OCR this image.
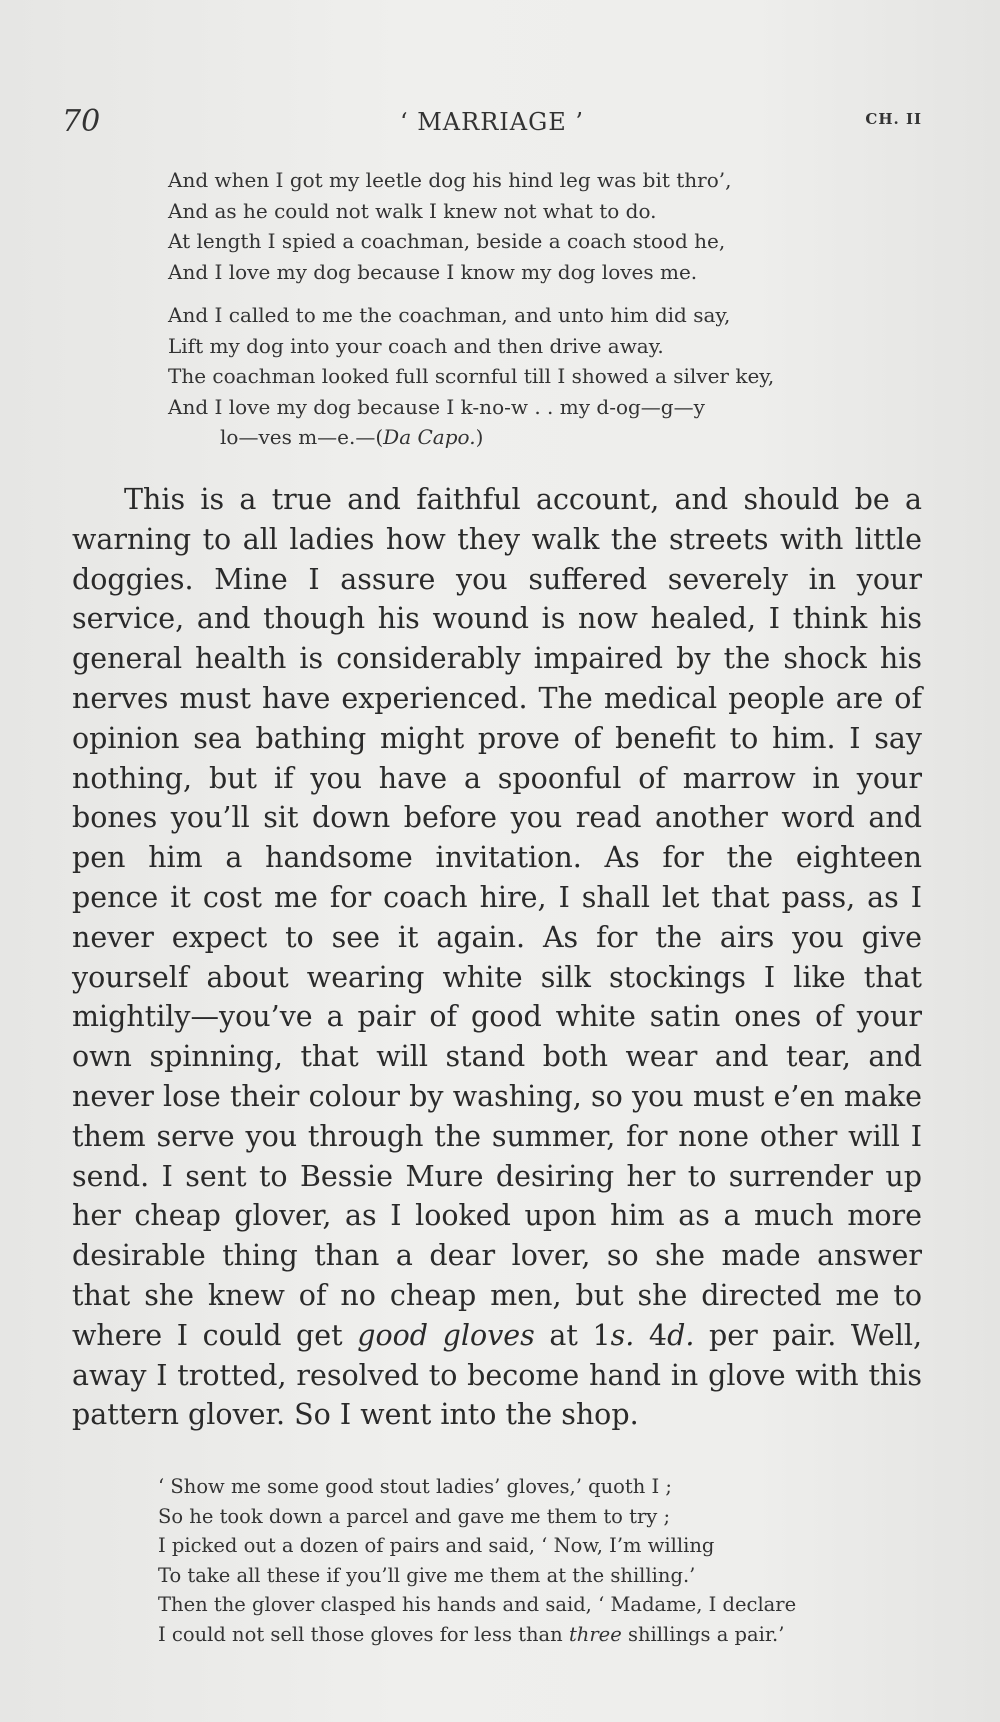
70	‘ MARRIAGE ’	CH. II
And when I got my leetle dog his hind leg was bit thro’,
And as he could not walk I knew not what to do.
At length I spied a coachman, beside a coach stood he,
And I love my dog because I know my dog loves me.
And I called to me the coachman, and unto him did say,
Lift my dog into your coach and then drive away.
The coachman looked full scornful till I showed a silver key,
And I love my dog because I k-no-w . . my d-og—g—y
lo—ves m—e.—(Da Capo.)
This is a true and faithful account, and should be a
warning to all ladies how they walk the streets with little
doggies. Mine I assure you suffered severely in your
service, and though his wound is now healed, I think his
general health is considerably impaired by the shock his
nerves must have experienced. The medical people are of
opinion sea bathing might prove of benefit to him. I say
nothing, but if you have a spoonful of marrow in your
bones you’ll sit down before you read another word and
pen him a handsome invitation. As for the eighteen
pence it cost me for coach hire, I shall let that pass, as I
never expect to see it again. As for the airs you give
yourself about wearing white silk stockings I like that
mightily—you’ve a pair of good white satin ones of your
own spinning, that will stand both wear and tear, and
never lose their colour by washing, so you must e’en make
them serve you through the summer, for none other will I
send. I sent to Bessie Mure desiring her to surrender up
her cheap glover, as I looked upon him as a much more
desirable thing than a dear lover, so she made answer
that she knew of no cheap men, but she directed me to
where I could get good gloves at 1s. 4d. per pair. Well,
away I trotted, resolved to become hand in glove with this
pattern glover. So I went into the shop.
‘ Show me some good stout ladies’ gloves,’ quoth I ;
So he took down a parcel and gave me them to try ;
I picked out a dozen of pairs and said, ‘ Now, I’m willing
To take all these if you’ll give me them at the shilling.’
Then the glover clasped his hands and said, ‘ Madame, I declare
I could not sell those gloves for less than three shillings a pair.’
